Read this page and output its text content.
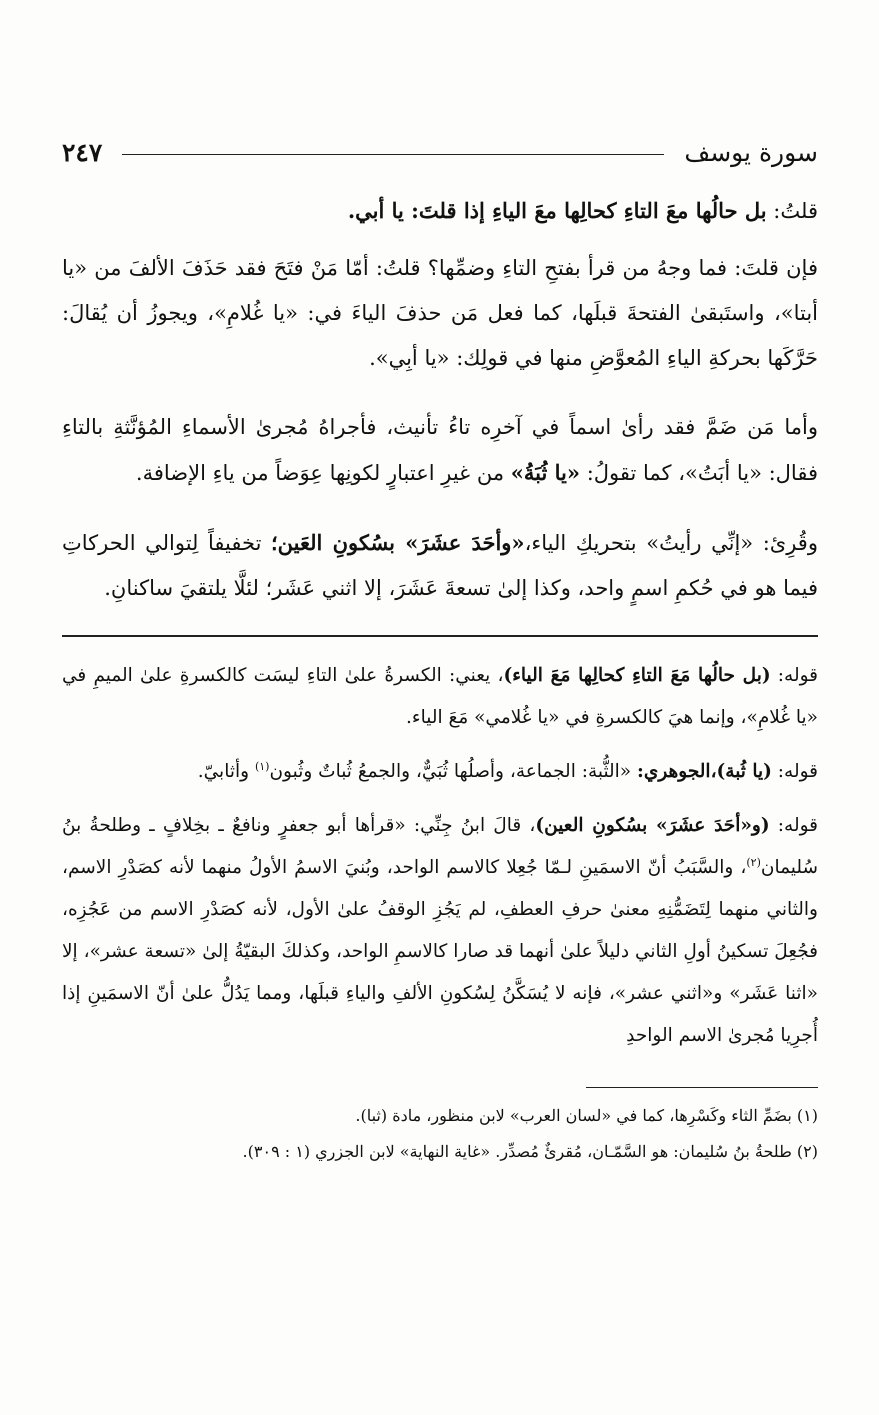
سورة يوسف
٢٤٧

قلتُ: بل حالُها معَ التاءِ كحالِها معَ الياءِ إذا قلتَ: يا أبي.

فإن قلتَ: فما وجهُ من قرأ بفتحِ التاءِ وضمِّها؟ قلتُ: أمّا مَنْ فتَحَ فقد حَذَفَ الألفَ من «يا أبتا»، واستَبقىٰ الفتحةَ قبلَها، كما فعل مَن حذفَ الياءَ في: «يا غُلامِ»، ويجوزُ أن يُقالَ: حَرَّكَها بحركةِ الياءِ المُعوَّضِ منها في قولِك: «يا أبِي».

وأما مَن ضَمَّ فقد رأىٰ اسماً في آخرِه تاءُ تأنيث، فأجراهُ مُجرىٰ الأسماءِ المُؤنَّثةِ بالتاءِ فقال: «يا أبَتُ»، كما تقولُ: «يا ثُبَةُ» من غيرِ اعتبارٍ لكونِها عِوَضاً من ياءِ الإضافة.

وقُرِئ: «إنِّي رأيتُ» بتحريكِ الياء،«وأحَدَ عشَرَ» بسُكونِ العَين؛ تخفيفاً لِتوالي الحركاتِ فيما هو في حُكمِ اسمٍ واحد، وكذا إلىٰ تسعةَ عَشَرَ، إلا اثني عَشَر؛ لئلَّا يلتقيَ ساكنانِ.

قوله: (بل حالُها مَعَ التاءِ كحالِها مَعَ الياء)، يعني: الكسرةُ علىٰ التاءِ ليسَت كالكسرةِ علىٰ الميمِ في «يا غُلامِ»، وإنما هيَ كالكسرةِ في «يا غُلامي» مَعَ الياء.

قوله: (يا ثُبة)،الجوهري: «الثُّبة: الجماعة، وأصلُها ثُبَيٌّ، والجمعُ ثُباتٌ وثُبون$^{(١)}$ وأثابيّ.

قوله: (و«أحَدَ عشَرَ» بسُكونِ العين)، قالَ ابنُ جِنِّي: «قرأها أبو جعفرٍ ونافعٌ ـ بخِلافٍ ـ وطلحةُ بنُ سُليمان$^{(٢)}$، والسَّبَبُ أنّ الاسمَينِ لـمّا جُعِلا كالاسم الواحد، وبُنيَ الاسمُ الأولُ منهما لأنه كصَدْرِ الاسم، والثاني منهما لِتَضَمُّنِهِ معنىٰ حرفِ العطفِ، لم يَجُزِ الوقفُ علىٰ الأول، لأنه كصَدْرِ الاسم من عَجُزِه، فجُعِلَ تسكينُ أولِ الثاني دليلاً علىٰ أنهما قد صارا كالاسمِ الواحد، وكذلكَ البقيّةُ إلىٰ «تسعة عشر»، إلا «اثنا عَشَر» و«اثني عشر»، فإنه لا يُسَكَّنُ لِسُكونِ الألفِ والياءِ قبلَها، ومما يَدُلُّ علىٰ أنّ الاسمَينِ إذا أُجرِيا مُجرىٰ الاسم الواحدِ

(١) بضَمِّ الثاء وكَسْرِها، كما في «لسان العرب» لابن منظور، مادة (ثبا).

(٢) طلحةُ بنُ سُليمان: هو السَّمّـان، مُقرئٌ مُصدِّر. «غاية النهاية» لابن الجزري (١ : ٣٠٩).
